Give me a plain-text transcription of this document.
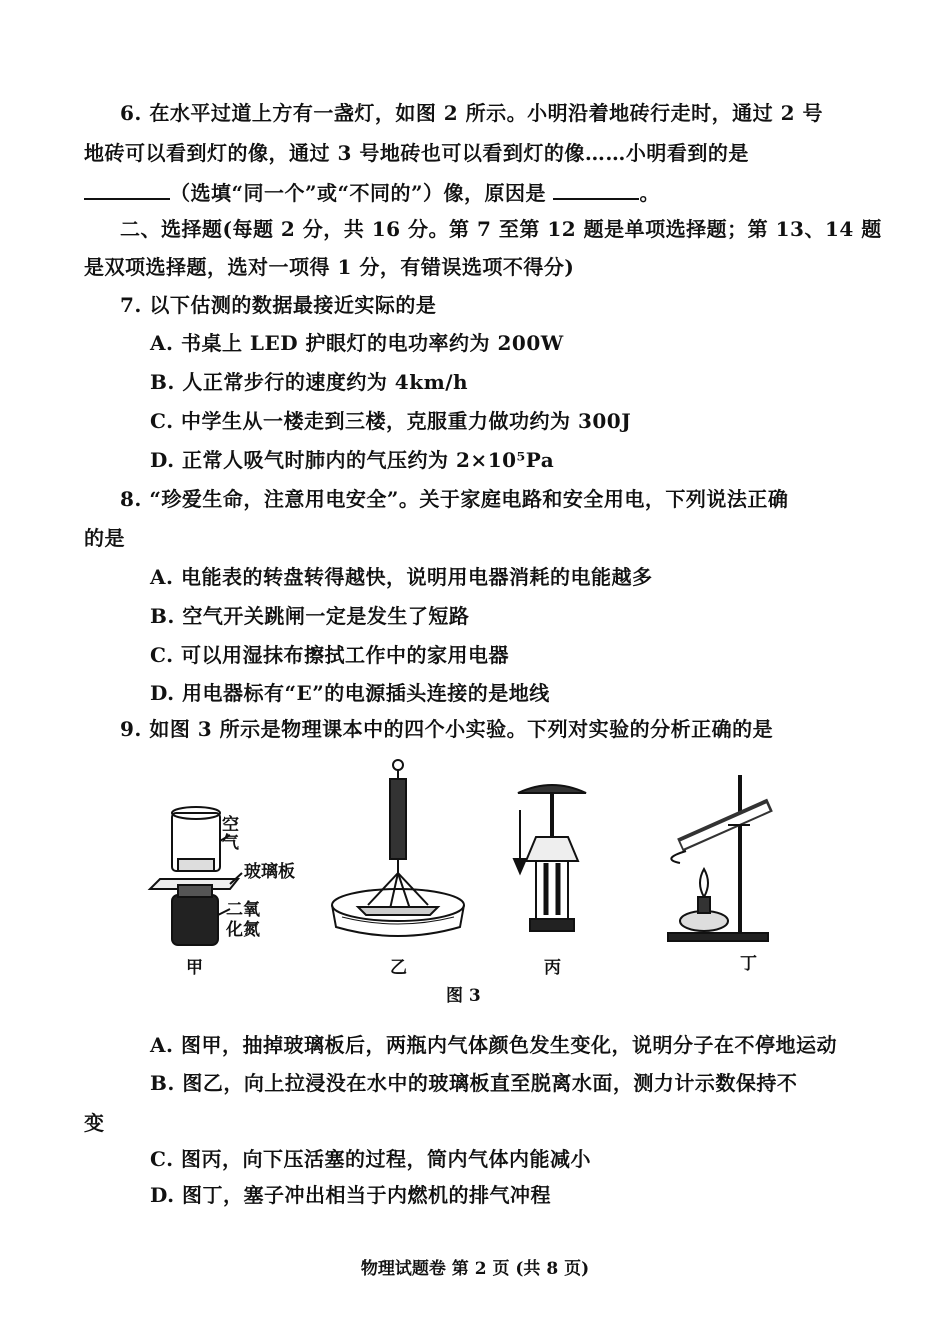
6. 在水平过道上方有一盏灯，如图 2 所示。小明沿着地砖行走时，通过 2 号
地砖可以看到灯的像，通过 3 号地砖也可以看到灯的像……小明看到的是
（选填“同一个”或“不同的”）像，原因是	。
二、选择题(每题 2 分，共 16 分。第 7 至第 12 题是单项选择题；第 13、14 题
是双项选择题，选对一项得 1 分，有错误选项不得分)
7. 以下估测的数据最接近实际的是
A. 书桌上 LED 护眼灯的电功率约为 200W
B. 人正常步行的速度约为 4km/h
C. 中学生从一楼走到三楼，克服重力做功约为 300J
D. 正常人吸气时肺内的气压约为 2×10⁵Pa
8. “珍爱生命，注意用电安全”。关于家庭电路和安全用电，下列说法正确
的是
A. 电能表的转盘转得越快，说明用电器消耗的电能越多
B. 空气开关跳闸一定是发生了短路
C. 可以用湿抹布擦拭工作中的家用电器
D. 用电器标有“E”的电源插头连接的是地线
9. 如图 3 所示是物理课本中的四个小实验。下列对实验的分析正确的是
空气
玻璃板
二氧化氮
甲	乙	丙	丁
图 3
A. 图甲，抽掉玻璃板后，两瓶内气体颜色发生变化，说明分子在不停地运动
B. 图乙，向上拉浸没在水中的玻璃板直至脱离水面，测力计示数保持不
变
C. 图丙，向下压活塞的过程，筒内气体内能减小
D. 图丁，塞子冲出相当于内燃机的排气冲程
物理试题卷 第 2 页 (共 8 页)
